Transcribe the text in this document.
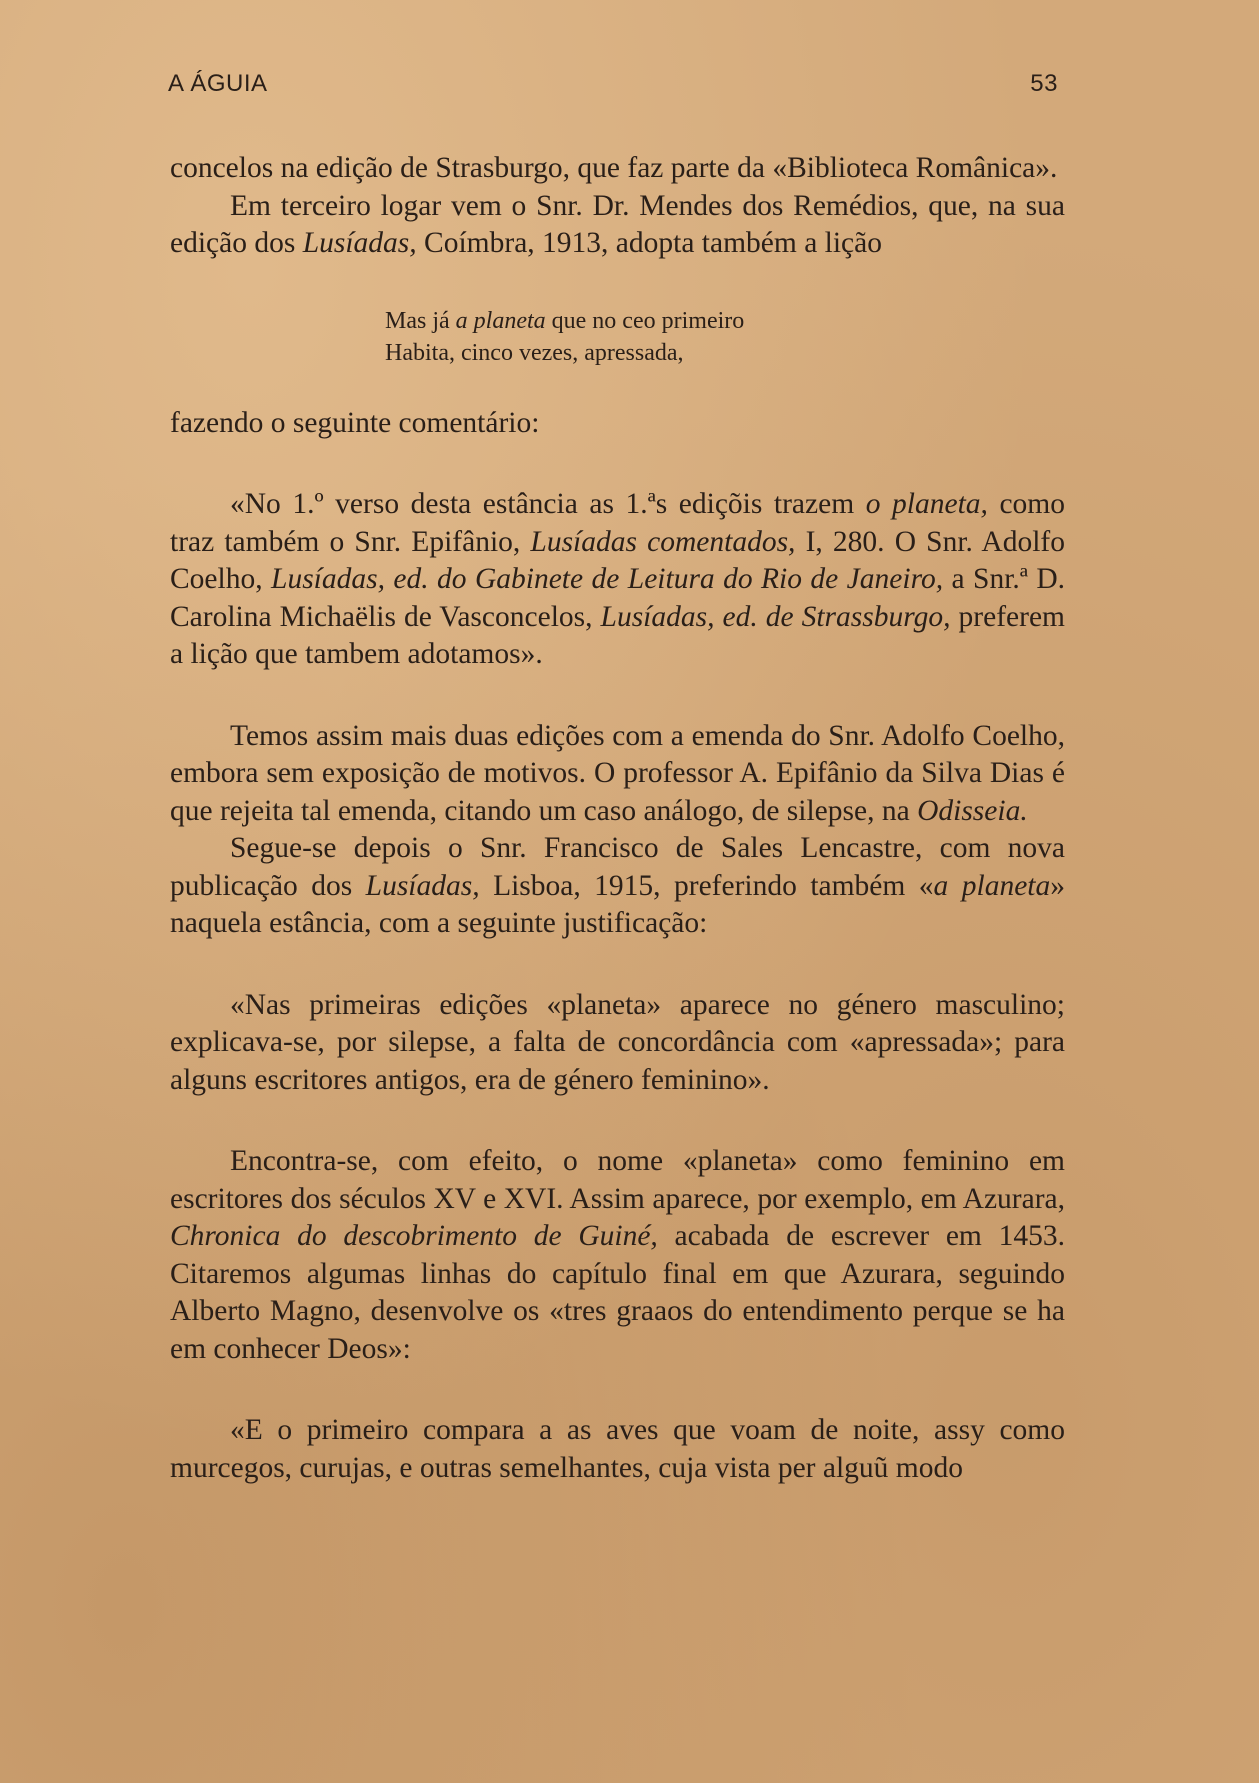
A ÁGUIA	53

concelos na edição de Strasburgo, que faz parte da «Biblioteca Românica».

Em terceiro logar vem o Snr. Dr. Mendes dos Remédios, que, na sua edição dos Lusíadas, Coímbra, 1913, adopta também a lição

Mas já a planeta que no ceo primeiro
Habita, cinco vezes, apressada,

fazendo o seguinte comentário:

«No 1.º verso desta estância as 1.ªs ediçõis trazem o planeta, como traz também o Snr. Epifânio, Lusíadas comentados, I, 280. O Snr. Adolfo Coelho, Lusíadas, ed. do Gabinete de Leitura do Rio de Janeiro, a Snr.ª D. Carolina Michaëlis de Vasconcelos, Lusíadas, ed. de Strassburgo, preferem a lição que tambem adotamos».

Temos assim mais duas edições com a emenda do Snr. Adolfo Coelho, embora sem exposição de motivos. O professor A. Epifânio da Silva Dias é que rejeita tal emenda, citando um caso análogo, de silepse, na Odisseia.

Segue-se depois o Snr. Francisco de Sales Lencastre, com nova publicação dos Lusíadas, Lisboa, 1915, preferindo também «a planeta» naquela estância, com a seguinte justificação:

«Nas primeiras edições «planeta» aparece no género masculino; explicava-se, por silepse, a falta de concordância com «apressada»; para alguns escritores antigos, era de género feminino».

Encontra-se, com efeito, o nome «planeta» como feminino em escritores dos séculos XV e XVI. Assim aparece, por exemplo, em Azurara, Chronica do descobrimento de Guiné, acabada de escrever em 1453. Citaremos algumas linhas do capítulo final em que Azurara, seguindo Alberto Magno, desenvolve os «tres graaos do entendimento perque se ha em conhecer Deos»:

«E o primeiro compara a as aves que voam de noite, assy como murcegos, curujas, e outras semelhantes, cuja vista per alguũ modo
